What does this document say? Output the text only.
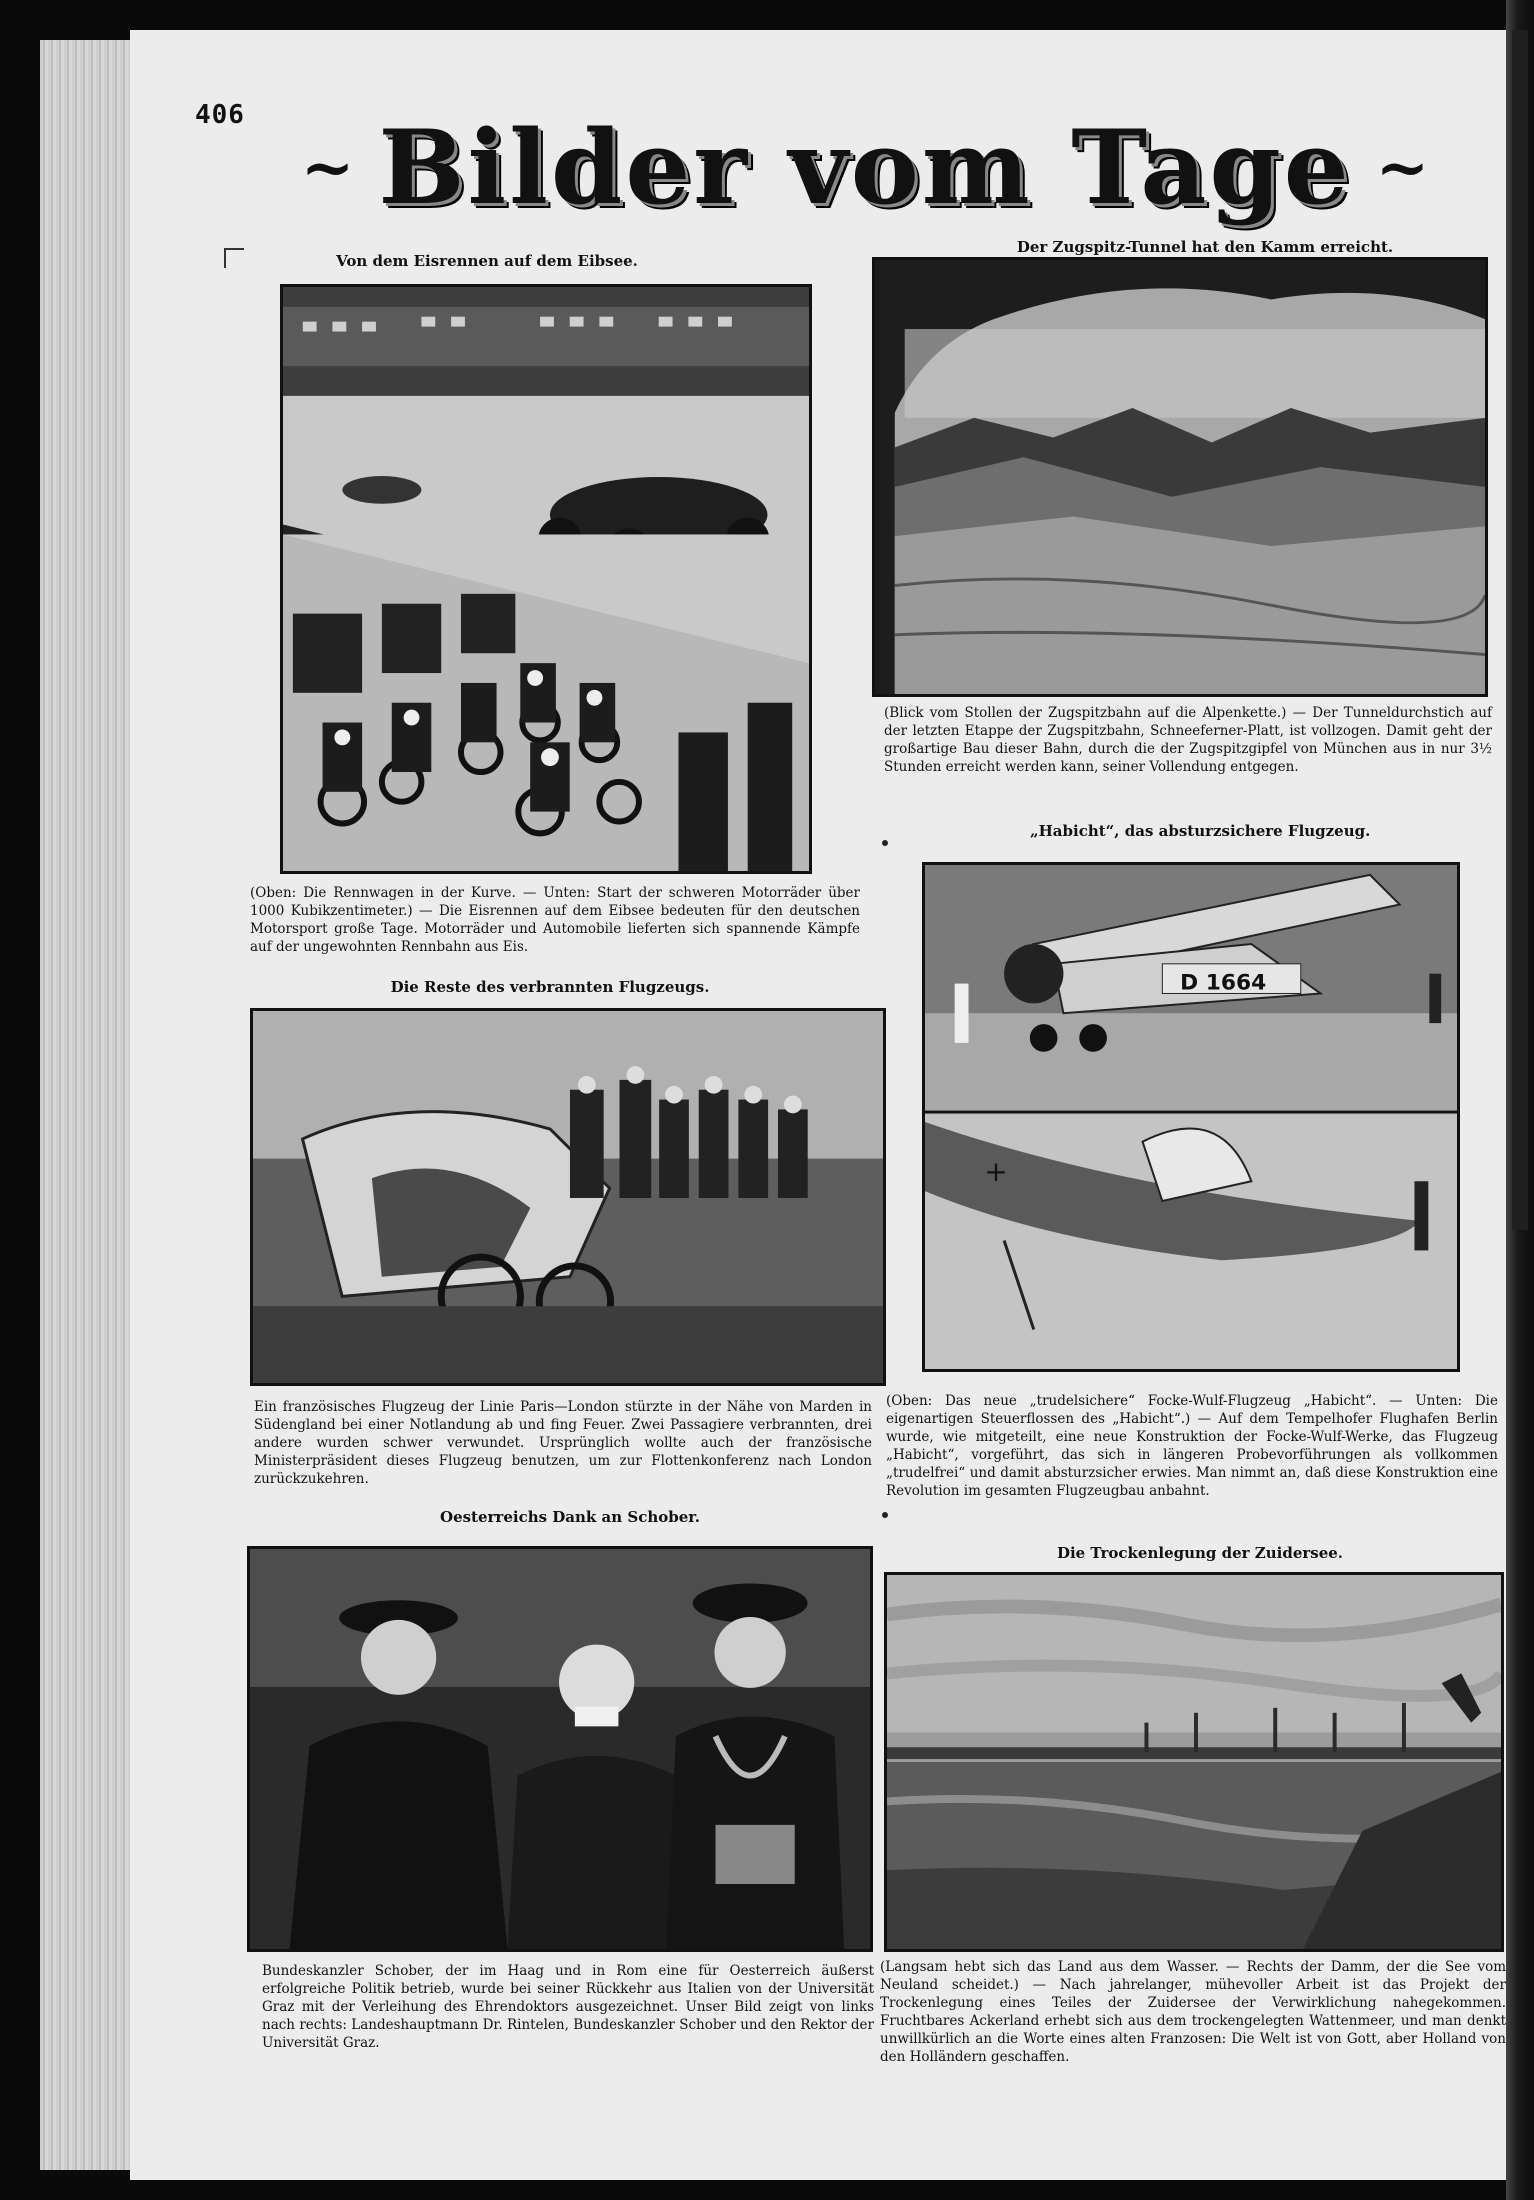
406
~ Bilder vom Tage ~
Von dem Eisrennen auf dem Eibsee.
(Oben: Die Rennwagen in der Kurve. — Unten: Start der schweren Motorräder über 1000 Kubikzentimeter.) — Die Eisrennen auf dem Eibsee bedeuten für den deutschen Motorsport große Tage. Motorräder und Automobile lieferten sich spannende Kämpfe auf der ungewohnten Rennbahn aus Eis.
Der Zugspitz-Tunnel hat den Kamm erreicht.
(Blick vom Stollen der Zugspitzbahn auf die Alpenkette.) — Der Tunneldurchstich auf der letzten Etappe der Zugspitzbahn, Schneeferner-Platt, ist vollzogen. Damit geht der großartige Bau dieser Bahn, durch die der Zugspitzgipfel von München aus in nur 3½ Stunden erreicht werden kann, seiner Vollendung entgegen.
„Habicht“, das absturzsichere Flugzeug.
D 1664
+
(Oben: Das neue „trudelsichere“ Focke-Wulf-Flugzeug „Habicht“. — Unten: Die eigenartigen Steuerflossen des „Habicht“.) — Auf dem Tempelhofer Flughafen Berlin wurde, wie mitgeteilt, eine neue Konstruktion der Focke-Wulf-Werke, das Flugzeug „Habicht“, vorgeführt, das sich in längeren Probevorführungen als vollkommen „trudelfrei“ und damit absturzsicher erwies. Man nimmt an, daß diese Konstruktion eine Revolution im gesamten Flugzeugbau anbahnt.
Die Reste des verbrannten Flugzeugs.
Ein französisches Flugzeug der Linie Paris—London stürzte in der Nähe von Marden in Südengland bei einer Notlandung ab und fing Feuer. Zwei Passagiere verbrannten, drei andere wurden schwer verwundet. Ursprünglich wollte auch der französische Ministerpräsident dieses Flugzeug benutzen, um zur Flottenkonferenz nach London zurückzukehren.
Oesterreichs Dank an Schober.
Bundeskanzler Schober, der im Haag und in Rom eine für Oesterreich äußerst erfolgreiche Politik betrieb, wurde bei seiner Rückkehr aus Italien von der Universität Graz mit der Verleihung des Ehrendoktors ausgezeichnet. Unser Bild zeigt von links nach rechts: Landeshauptmann Dr. Rintelen, Bundeskanzler Schober und den Rektor der Universität Graz.
Die Trockenlegung der Zuidersee.
(Langsam hebt sich das Land aus dem Wasser. — Rechts der Damm, der die See vom Neuland scheidet.) — Nach jahrelanger, mühevoller Arbeit ist das Projekt der Trockenlegung eines Teiles der Zuidersee der Verwirklichung nahegekommen. Fruchtbares Ackerland erhebt sich aus dem trockengelegten Wattenmeer, und man denkt unwillkürlich an die Worte eines alten Franzosen: Die Welt ist von Gott, aber Holland von den Holländern geschaffen.
